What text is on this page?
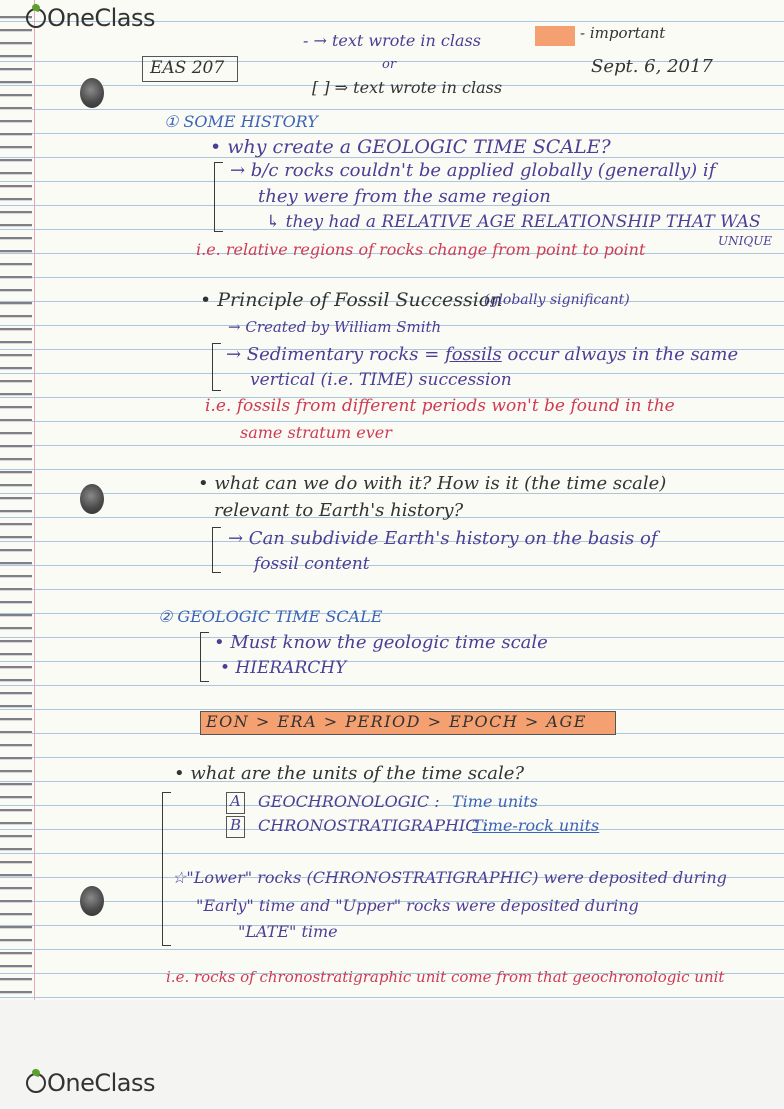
- → text wrote in class
or
[ ] ⇒ text wrote in class
- important
EAS 207	Sept. 6, 2017
① SOME HISTORY
• why create a GEOLOGIC TIME SCALE?
→ b/c rocks couldn't be applied globally (generally) if
they were from the same region
↳ they had a RELATIVE AGE RELATIONSHIP THAT WAS
UNIQUE
i.e. relative regions of rocks change from point to point
• Principle of Fossil Succession
(globally significant)
→ Created by William Smith
→ Sedimentary rocks = fossils occur always in the same
vertical (i.e. TIME) succession
i.e. fossils from different periods won't be found in the
same stratum ever
• what can we do with it? How is it (the time scale)
relevant to Earth's history?
→ Can subdivide Earth's history on the basis of
fossil content
② GEOLOGIC TIME SCALE
• Must know the geologic time scale
• HIERARCHY
EON > ERA > PERIOD > EPOCH > AGE
• what are the units of the time scale?
A GEOCHRONOLOGIC : Time units
B CHRONOSTRATIGRAPHIC :
Time-rock units
☆"Lower" rocks (CHRONOSTRATIGRAPHIC) were deposited during
"Early" time and "Upper" rocks were deposited during
"LATE" time
i.e. rocks of chronostratigraphic unit come from that geochronologic unit
OneClass
OneClass
